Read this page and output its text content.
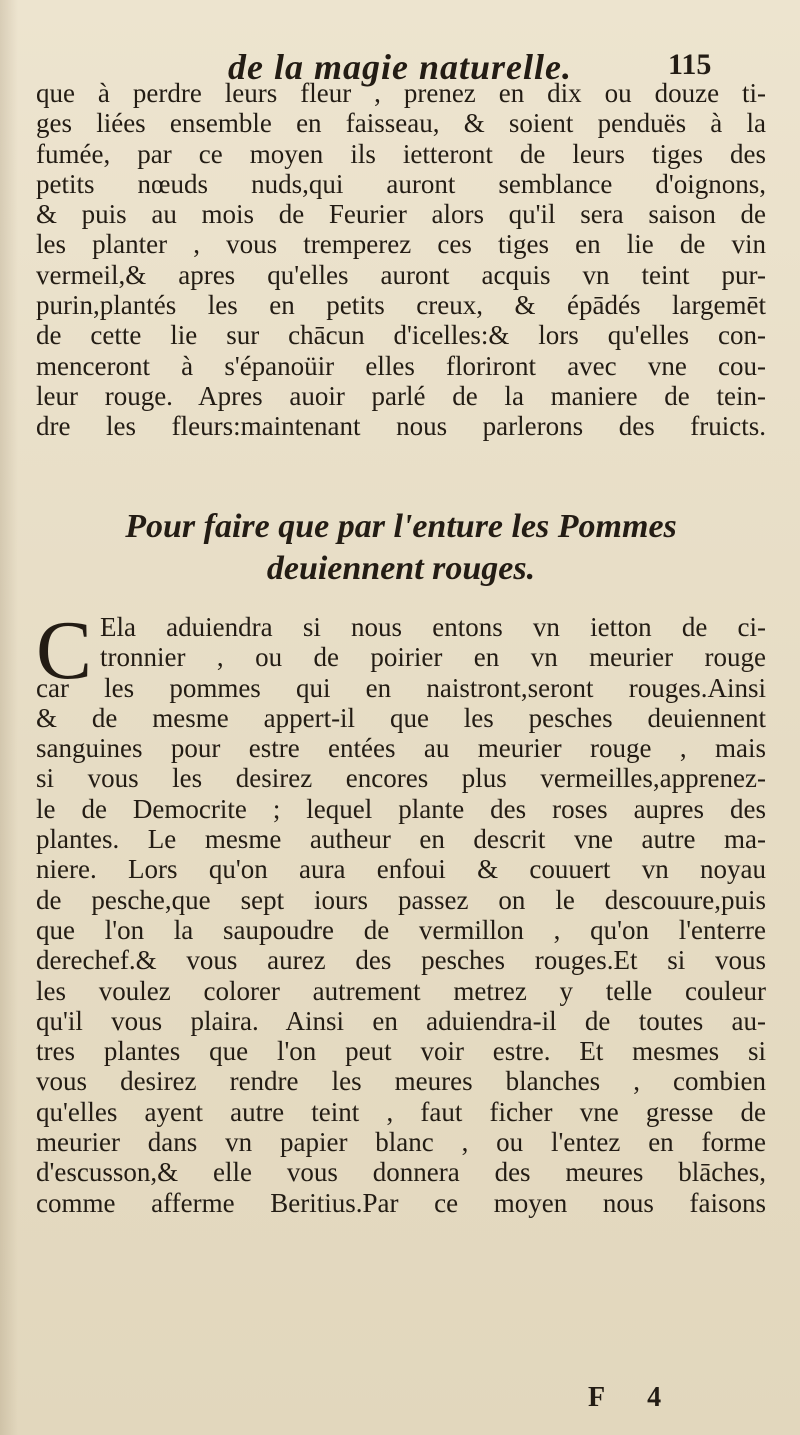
de la magie naturelle.	115
que à perdre leurs fleur , prenez en dix ou douze ti-
ges liées ensemble en faisseau, & soient penduës à la
fumée, par ce moyen ils ietteront de leurs tiges des
petits nœuds nuds,qui auront semblance d'oignons,
& puis au mois de Feurier alors qu'il sera saison de
les planter , vous tremperez ces tiges en lie de vin
vermeil,& apres qu'elles auront acquis vn teint pur-
purin,plantés les en petits creux, & épādés largemēt
de cette lie sur chācun d'icelles:& lors qu'elles con-
menceront à s'épanoüir elles floriront avec vne cou-
leur rouge. Apres auoir parlé de la maniere de tein-
dre les fleurs:maintenant nous parlerons des fruicts.
Pour faire que par l'enture les Pommes
deuiennent rouges.
C Ela aduiendra si nous entons vn ietton de ci-
tronnier , ou de poirier en vn meurier rouge
car les pommes qui en naistront,seront rouges.Ainsi
& de mesme appert-il que les pesches deuiennent
sanguines pour estre entées au meurier rouge , mais
si vous les desirez encores plus vermeilles,apprenez-
le de Democrite ; lequel plante des roses aupres des
plantes. Le mesme autheur en descrit vne autre ma-
niere. Lors qu'on aura enfoui & couuert vn noyau
de pesche,que sept iours passez on le descouure,puis
que l'on la saupoudre de vermillon , qu'on l'enterre
derechef.& vous aurez des pesches rouges.Et si vous
les voulez colorer autrement metrez y telle couleur
qu'il vous plaira. Ainsi en aduiendra-il de toutes au-
tres plantes que l'on peut voir estre. Et mesmes si
vous desirez rendre les meures blanches , combien
qu'elles ayent autre teint , faut ficher vne gresse de
meurier dans vn papier blanc , ou l'entez en forme
d'escusson,& elle vous donnera des meures blāches,
comme afferme Beritius.Par ce moyen nous faisons
F 4
